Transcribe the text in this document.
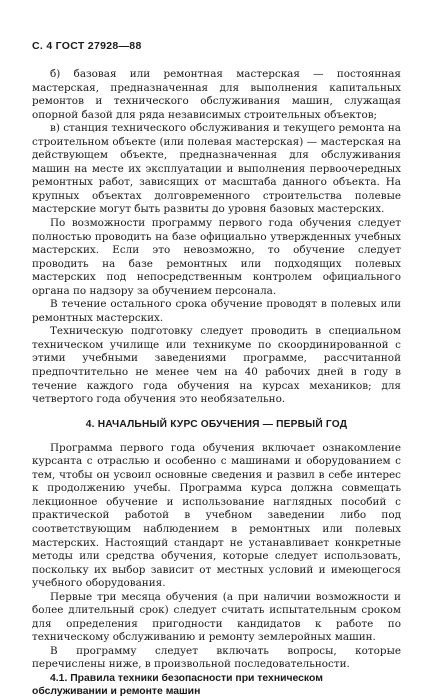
С. 4 ГОСТ 27928—88

б) базовая или ремонтная мастерская — постоянная мастерская, предназначенная для выполнения капитальных ремонтов и технического обслуживания машин, служащая опорной базой для ряда независимых строительных объектов;

в) станция технического обслуживания и текущего ремонта на строительном объекте (или полевая мастерская) — мастерская на действующем объекте, предназначенная для обслуживания машин на месте их эксплуатации и выполнения первоочередных ремонтных работ, зависящих от масштаба данного объекта. На крупных объектах долговременного строительства полевые мастерские могут быть развиты до уровня базовых мастерских.

По возможности программу первого года обучения следует полностью проводить на базе официально утвержденных учебных мастерских. Если это невозможно, то обучение следует проводить на базе ремонтных или подходящих полевых мастерских под непосредственным контролем официального органа по надзору за обучением персонала.

В течение остального срока обучение проводят в полевых или ремонтных мастерских.

Техническую подготовку следует проводить в специальном техническом училище или техникуме по скоординированной с этими учебными заведениями программе, рассчитанной предпочтительно не менее чем на 40 рабочих дней в году в течение каждого года обучения на курсах механиков; для четвертого года обучения это необязательно.

4. НАЧАЛЬНЫЙ КУРС ОБУЧЕНИЯ — ПЕРВЫЙ ГОД

Программа первого года обучения включает ознакомление курсанта с отраслью и особенно с машинами и оборудованием с тем, чтобы он усвоил основные сведения и развил в себе интерес к продолжению учебы. Программа курса должна совмещать лекционное обучение и использование наглядных пособий с практической работой в учебном заведении либо под соответствующим наблюдением в ремонтных или полевых мастерских. Настоящий стандарт не устанавливает конкретные методы или средства обучения, которые следует использовать, поскольку их выбор зависит от местных условий и имеющегося учебного оборудования.

Первые три месяца обучения (а при наличии возможности и более длительный срок) следует считать испытательным сроком для определения пригодности кандидатов к работе по техническому обслуживанию и ремонту землеройных машин.

В программу следует включать вопросы, которые перечислены ниже, в произвольной последовательности.

4.1. Правила техники безопасности при техническом обслуживании и ремонте машин
